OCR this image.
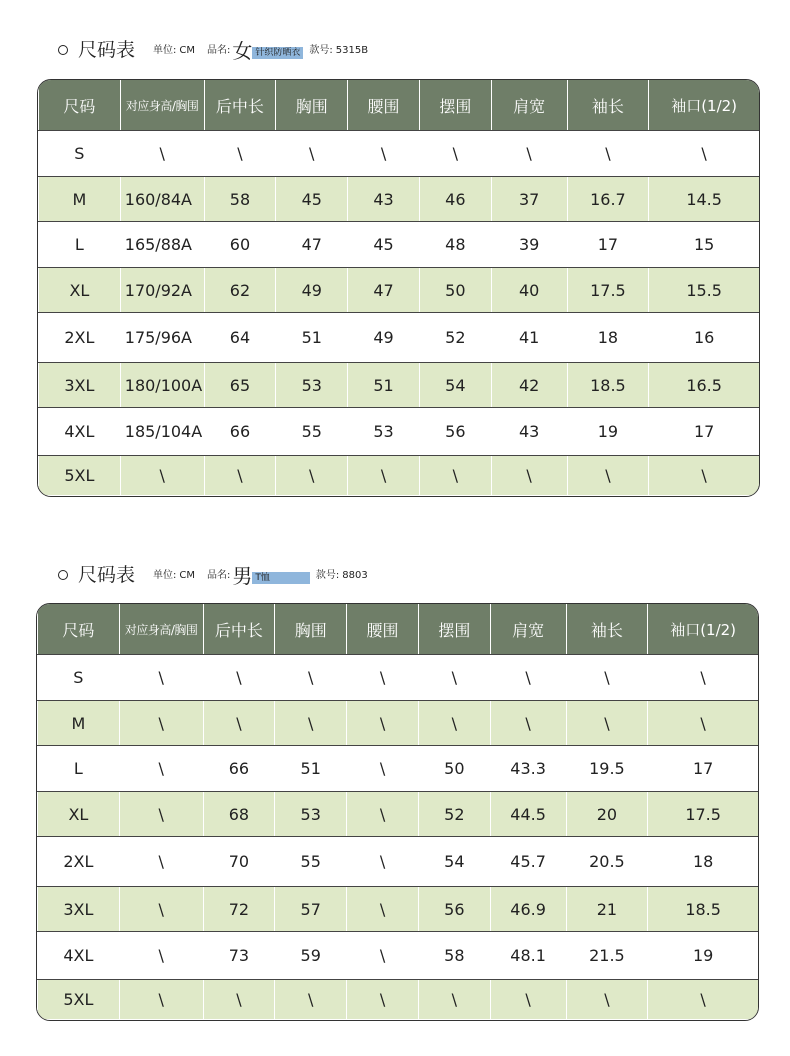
尺码表 单位: CM 品名: 女 针织防晒衣 款号: 5315B
尺码	对应身高/胸围	后中长	胸围	腰围	摆围	肩宽	袖长	袖口(1/2)
S	\	\	\	\	\	\	\	\
M	160/84A	58	45	43	46	37	16.7	14.5
L	165/88A	60	47	45	48	39	17	15
XL	170/92A	62	49	47	50	40	17.5	15.5
2XL	175/96A	64	51	49	52	41	18	16
3XL	180/100A	65	53	51	54	42	18.5	16.5
4XL	185/104A	66	55	53	56	43	19	17
5XL	\	\	\	\	\	\	\	\
尺码表 单位: CM 品名: 男 T恤	款号: 8803
尺码	对应身高/胸围	后中长	胸围	腰围	摆围	肩宽	袖长	袖口(1/2)
S	\	\	\	\	\	\	\	\
M	\	\	\	\	\	\	\	\
L	\	66	51	\	50	43.3	19.5	17
XL	\	68	53	\	52	44.5	20	17.5
2XL	\	70	55	\	54	45.7	20.5	18
3XL	\	72	57	\	56	46.9	21	18.5
4XL	\	73	59	\	58	48.1	21.5	19
5XL	\	\	\	\	\	\	\	\
